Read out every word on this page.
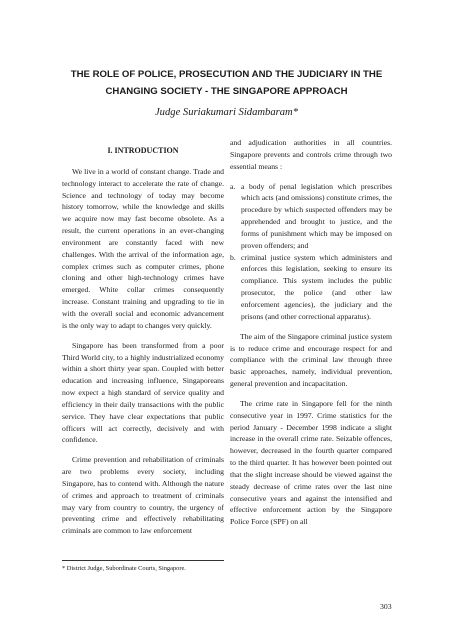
THE ROLE OF POLICE, PROSECUTION AND THE JUDICIARY IN THE CHANGING SOCIETY - THE SINGAPORE APPROACH
Judge Suriakumari Sidambaram*
I. INTRODUCTION

We live in a world of constant change. Trade and technology interact to accelerate the rate of change. Science and technology of today may become history tomorrow, while the knowledge and skills we acquire now may fast become obsolete. As a result, the current operations in an ever-changing environment are constantly faced with new challenges. With the arrival of the information age, complex crimes such as computer crimes, phone cloning and other high-technology crimes have emerged. White collar crimes consequently increase. Constant training and upgrading to tie in with the overall social and economic advancement is the only way to adapt to changes very quickly.

Singapore has been transformed from a poor Third World city, to a highly industrialized economy within a short thirty year span. Coupled with better education and increasing influence, Singaporeans now expect a high standard of service quality and efficiency in their daily transactions with the public service. They have clear expectations that public officers will act correctly, decisively and with confidence.

Crime prevention and rehabilitation of criminals are two problems every society, including Singapore, has to contend with. Although the nature of crimes and approach to treatment of criminals may vary from country to country, the urgency of preventing crime and effectively rehabilitating criminals are common to law enforcement

and adjudication authorities in all countries. Singapore prevents and controls crime through two essential means :

a. a body of penal legislation which prescribes which acts (and omissions) constitute crimes, the procedure by which suspected offenders may be apprehended and brought to justice, and the forms of punishment which may be imposed on proven offenders; and
b. criminal justice system which administers and enforces this legislation, seeking to ensure its compliance. This system includes the public prosecutor, the police (and other law enforcement agencies), the judiciary and the prisons (and other correctional apparatus).

The aim of the Singapore criminal justice system is to reduce crime and encourage respect for and compliance with the criminal law through three basic approaches, namely, individual prevention, general prevention and incapacitation.

The crime rate in Singapore fell for the ninth consecutive year in 1997. Crime statistics for the period January - December 1998 indicate a slight increase in the overall crime rate. Seizable offences, however, decreased in the fourth quarter compared to the third quarter. It has however been pointed out that the slight increase should be viewed against the steady decrease of crime rates over the last nine consecutive years and against the intensified and effective enforcement action by the Singapore Police Force (SPF) on all

* District Judge, Subordinate Courts, Singapore.
303
